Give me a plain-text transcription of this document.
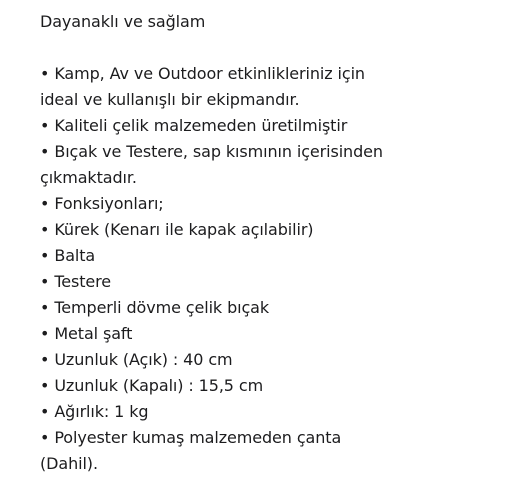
Dayanaklı ve sağlam
• Kamp, Av ve Outdoor etkinlikleriniz için
ideal ve kullanışlı bir ekipmandır.
• Kaliteli çelik malzemeden üretilmiştir
• Bıçak ve Testere, sap kısmının içerisinden
çıkmaktadır.
• Fonksiyonları;
• Kürek (Kenarı ile kapak açılabilir)
• Balta
• Testere
• Temperli dövme çelik bıçak
• Metal şaft
• Uzunluk (Açık) : 40 cm
• Uzunluk (Kapalı) : 15,5 cm
• Ağırlık: 1 kg
• Polyester kumaş malzemeden çanta
(Dahil).
